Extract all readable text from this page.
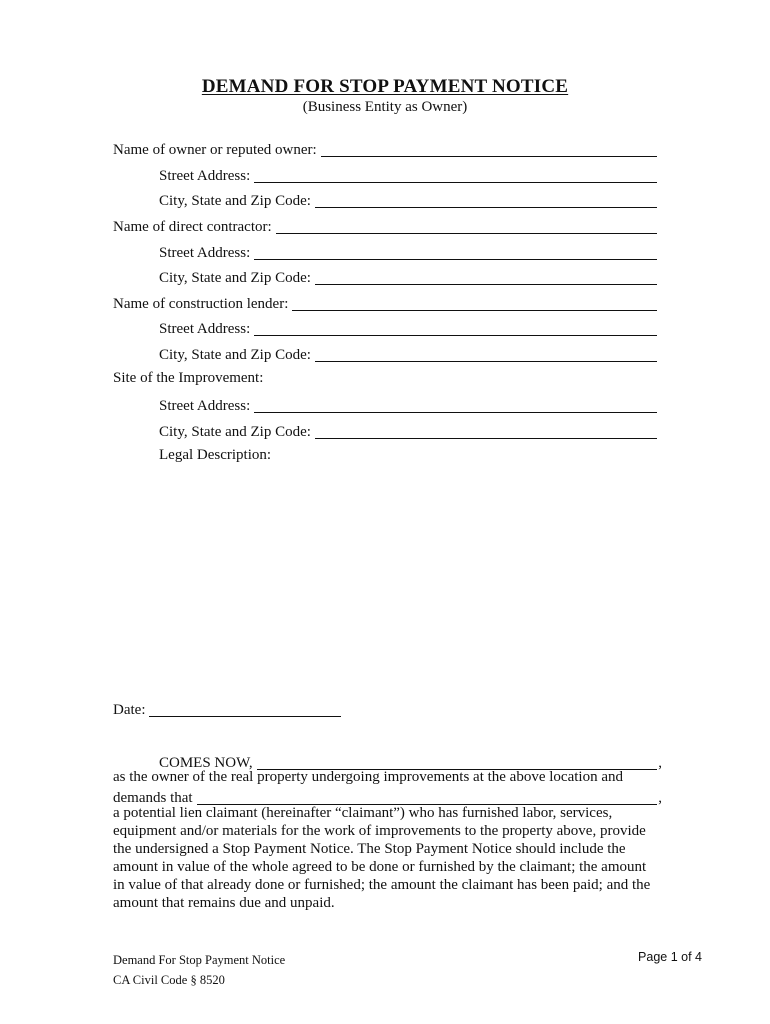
DEMAND FOR STOP PAYMENT NOTICE
(Business Entity as Owner)
Name of owner or reputed owner:
Street Address:
City, State and Zip Code:
Name of direct contractor:
Street Address:
City, State and Zip Code:
Name of construction lender:
Street Address:
City, State and Zip Code:
Site of the Improvement:
Street Address:
City, State and Zip Code:
Legal Description:
Date:
COMES NOW,	,
as the owner of the real property undergoing improvements at the above location and
demands that	,
a potential lien claimant (hereinafter “claimant”) who has furnished labor, services,
equipment and/or materials for the work of improvements to the property above, provide
the undersigned a Stop Payment Notice. The Stop Payment Notice should include the
amount in value of the whole agreed to be done or furnished by the claimant; the amount
in value of that already done or furnished; the amount the claimant has been paid; and the
amount that remains due and unpaid.
Demand For Stop Payment Notice
CA Civil Code § 8520
Page 1 of 4
